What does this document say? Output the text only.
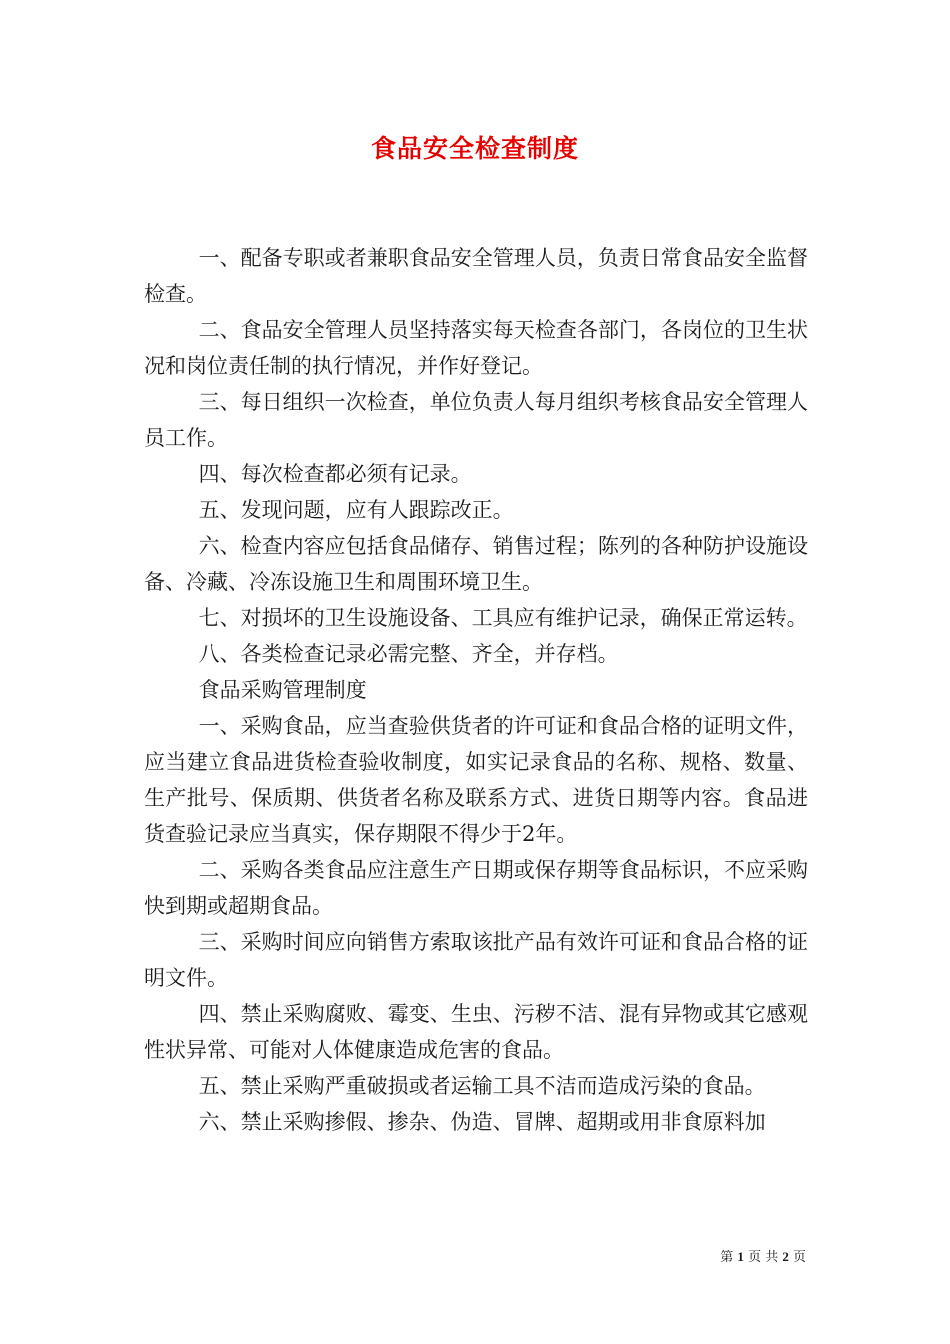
食品安全检查制度

一、配备专职或者兼职食品安全管理人员，负责日常食品安全监督检查。

二、食品安全管理人员坚持落实每天检查各部门，各岗位的卫生状况和岗位责任制的执行情况，并作好登记。

三、每日组织一次检查，单位负责人每月组织考核食品安全管理人员工作。

四、每次检查都必须有记录。

五、发现问题，应有人跟踪改正。

六、检查内容应包括食品储存、销售过程；陈列的各种防护设施设备、冷藏、冷冻设施卫生和周围环境卫生。

七、对损坏的卫生设施设备、工具应有维护记录，确保正常运转。

八、各类检查记录必需完整、齐全，并存档。

食品采购管理制度

一、采购食品，应当查验供货者的许可证和食品合格的证明文件，应当建立食品进货检查验收制度，如实记录食品的名称、规格、数量、生产批号、保质期、供货者名称及联系方式、进货日期等内容。食品进货查验记录应当真实，保存期限不得少于2年。

二、采购各类食品应注意生产日期或保存期等食品标识，不应采购快到期或超期食品。

三、采购时间应向销售方索取该批产品有效许可证和食品合格的证明文件。

四、禁止采购腐败、霉变、生虫、污秽不洁、混有异物或其它感观性状异常、可能对人体健康造成危害的食品。

五、禁止采购严重破损或者运输工具不洁而造成污染的食品。

六、禁止采购掺假、掺杂、伪造、冒牌、超期或用非食原料加

第 1 页 共 2 页
